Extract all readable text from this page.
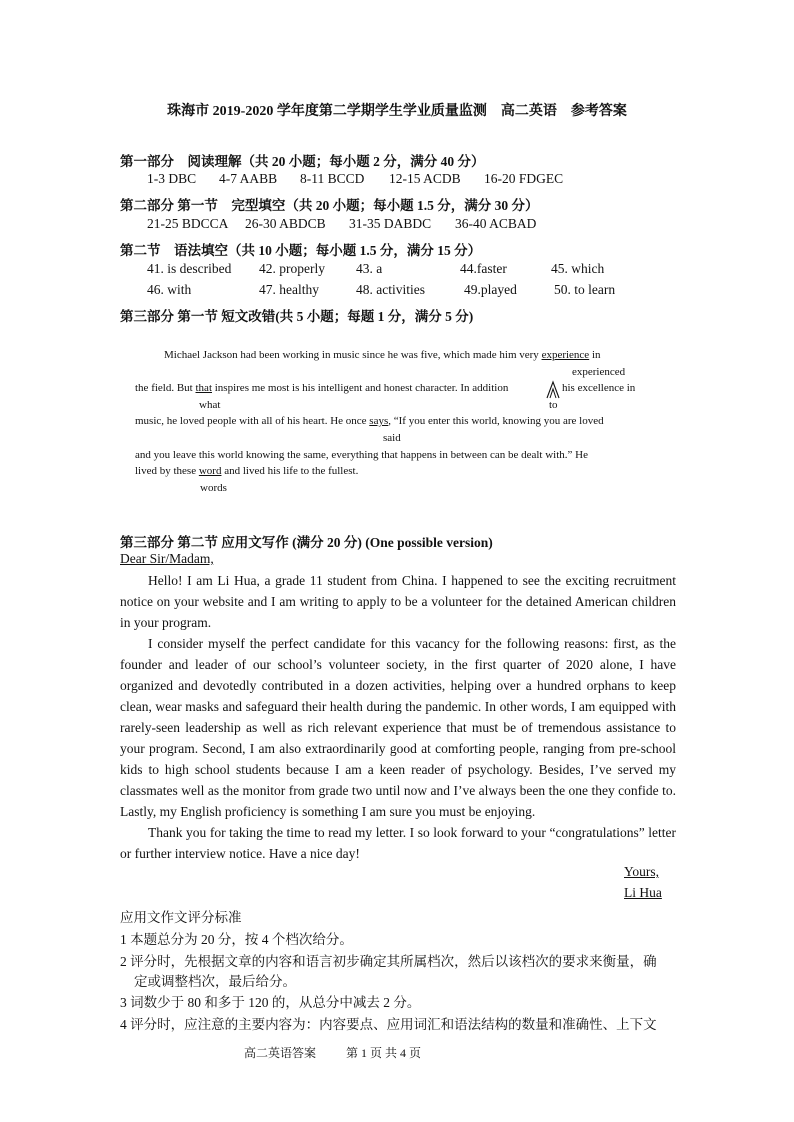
珠海市 2019-2020 学年度第二学期学生学业质量监测　高二英语　参考答案
第一部分　阅读理解（共 20 小题；每小题 2 分，满分 40 分）
1-3 DBC 4-7 AABB 8-11 BCCD 12-15 ACDB 16-20 FDGEC
第二部分 第一节　完型填空（共 20 小题；每小题 1.5 分，满分 30 分）
21-25 BDCCA 26-30 ABDCB 31-35 DABDC 36-40 ACBAD
第二节　语法填空（共 10 小题；每小题 1.5 分，满分 15 分）
41. is described 42. properly 43. a	44.faster	45. which
46. with	47. healthy	48. activities	49.played	50. to learn
第三部分 第一节 短文改错(共 5 小题；每题 1 分，满分 5 分)
Michael Jackson had been working in music since he was five, which made him very experience in
experienced
the field. But that inspires me most is his intelligent and honest character. In addition	his excellence in
what	to
music, he loved people with all of his heart. He once says, “If you enter this world, knowing you are loved
said
and you leave this world knowing the same, everything that happens in between can be dealt with.” He
lived by these word and lived his life to the fullest.
words
第三部分 第二节 应用文写作 (满分 20 分) (One possible version)
Dear Sir/Madam,

Hello! I am Li Hua, a grade 11 student from China. I happened to see the exciting recruitment notice on your website and I am writing to apply to be a volunteer for the detained American children in your program.

I consider myself the perfect candidate for this vacancy for the following reasons: first, as the founder and leader of our school’s volunteer society, in the first quarter of 2020 alone, I have organized and devotedly contributed in a dozen activities, helping over a hundred orphans to keep clean, wear masks and safeguard their health during the pandemic. In other words, I am equipped with rarely-seen leadership as well as rich relevant experience that must be of tremendous assistance to your program. Second, I am also extraordinarily good at comforting people, ranging from pre-school kids to high school students because I am a keen reader of psychology. Besides, I’ve served my classmates well as the monitor from grade two until now and I’ve always been the one they confide to. Lastly, my English proficiency is something I am sure you must be enjoying.

Thank you for taking the time to read my letter. I so look forward to your “congratulations” letter or further interview notice. Have a nice day!

Yours,
Li Hua
应用文作文评分标准
1 本题总分为 20 分，按 4 个档次给分。
2 评分时，先根据文章的内容和语言初步确定其所属档次，然后以该档次的要求来衡量，确
定或调整档次，最后给分。
3 词数少于 80 和多于 120 的，从总分中减去 2 分。
4 评分时，应注意的主要内容为：内容要点、应用词汇和语法结构的数量和准确性、上下文
高二英语答案 第 1 页 共 4 页
